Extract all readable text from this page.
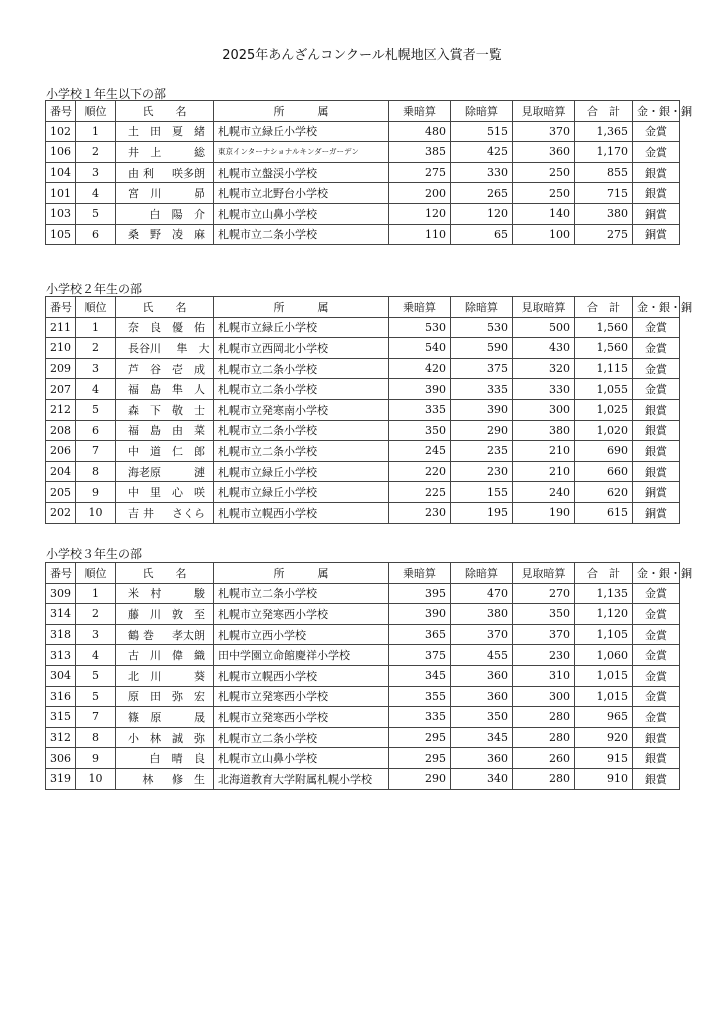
2025年あんざんコンクール札幌地区入賞者一覧
小学校１年生以下の部
番号	順位	氏　　名	所　　　属	乗暗算	除暗算	見取暗算	合　計	金・銀・銅
102	1	土 田 夏 緒	札幌市立緑丘小学校	480	515	370	1,365	金賞
106	2	井 上 総	東京インターナショナルキンダーガーデン	385	425	360	1,170	金賞
104	3	由 利 咲多朗	札幌市立盤渓小学校	275	330	250	855	銀賞
101	4	宮 川 昴	札幌市立北野台小学校	200	265	250	715	銀賞
103	5	白 陽 介	札幌市立山鼻小学校	120	120	140	380	銅賞
105	6	桑 野 凌 麻	札幌市立二条小学校	110	65	100	275	銅賞
小学校２年生の部
番号	順位	氏　　名	所　　　属	乗暗算	除暗算	見取暗算	合　計	金・銀・銅
211	1	奈 良 優 佑	札幌市立緑丘小学校	530	530	500	1,560	金賞
210	2	長谷川 隼　大	札幌市立西岡北小学校	540	590	430	1,560	金賞
209	3	芦 谷 壱 成	札幌市立二条小学校	420	375	320	1,115	金賞
207	4	福 島 隼 人	札幌市立二条小学校	390	335	330	1,055	金賞
212	5	森 下 敬 士	札幌市立発寒南小学校	335	390	300	1,025	銀賞
208	6	福 島 由 菜	札幌市立二条小学校	350	290	380	1,020	銀賞
206	7	中 道 仁 郎	札幌市立二条小学校	245	235	210	690	銀賞
204	8	海老原 漣	札幌市立緑丘小学校	220	230	210	660	銀賞
205	9	中 里 心 咲	札幌市立緑丘小学校	225	155	240	620	銅賞
202	10	吉 井 さくら	札幌市立幌西小学校	230	195	190	615	銅賞
小学校３年生の部
番号	順位	氏　　名	所　　　属	乗暗算	除暗算	見取暗算	合　計	金・銀・銅
309	1	米 村 駿	札幌市立二条小学校	395	470	270	1,135	金賞
314	2	藤 川 敦 至	札幌市立発寒西小学校	390	380	350	1,120	金賞
318	3	鶴 巻 孝太朗	札幌市立西小学校	365	370	370	1,105	金賞
313	4	古 川 偉 織	田中学園立命館慶祥小学校	375	455	230	1,060	金賞
304	5	北 川 葵	札幌市立幌西小学校	345	360	310	1,015	金賞
316	5	原 田 弥 宏	札幌市立発寒西小学校	355	360	300	1,015	金賞
315	7	篠 原 晟	札幌市立発寒西小学校	335	350	280	965	金賞
312	8	小 林 誠 弥	札幌市立二条小学校	295	345	280	920	銀賞
306	9	白 晴 良	札幌市立山鼻小学校	295	360	260	915	銀賞
319	10	林 修　生	北海道教育大学附属札幌小学校	290	340	280	910	銀賞
